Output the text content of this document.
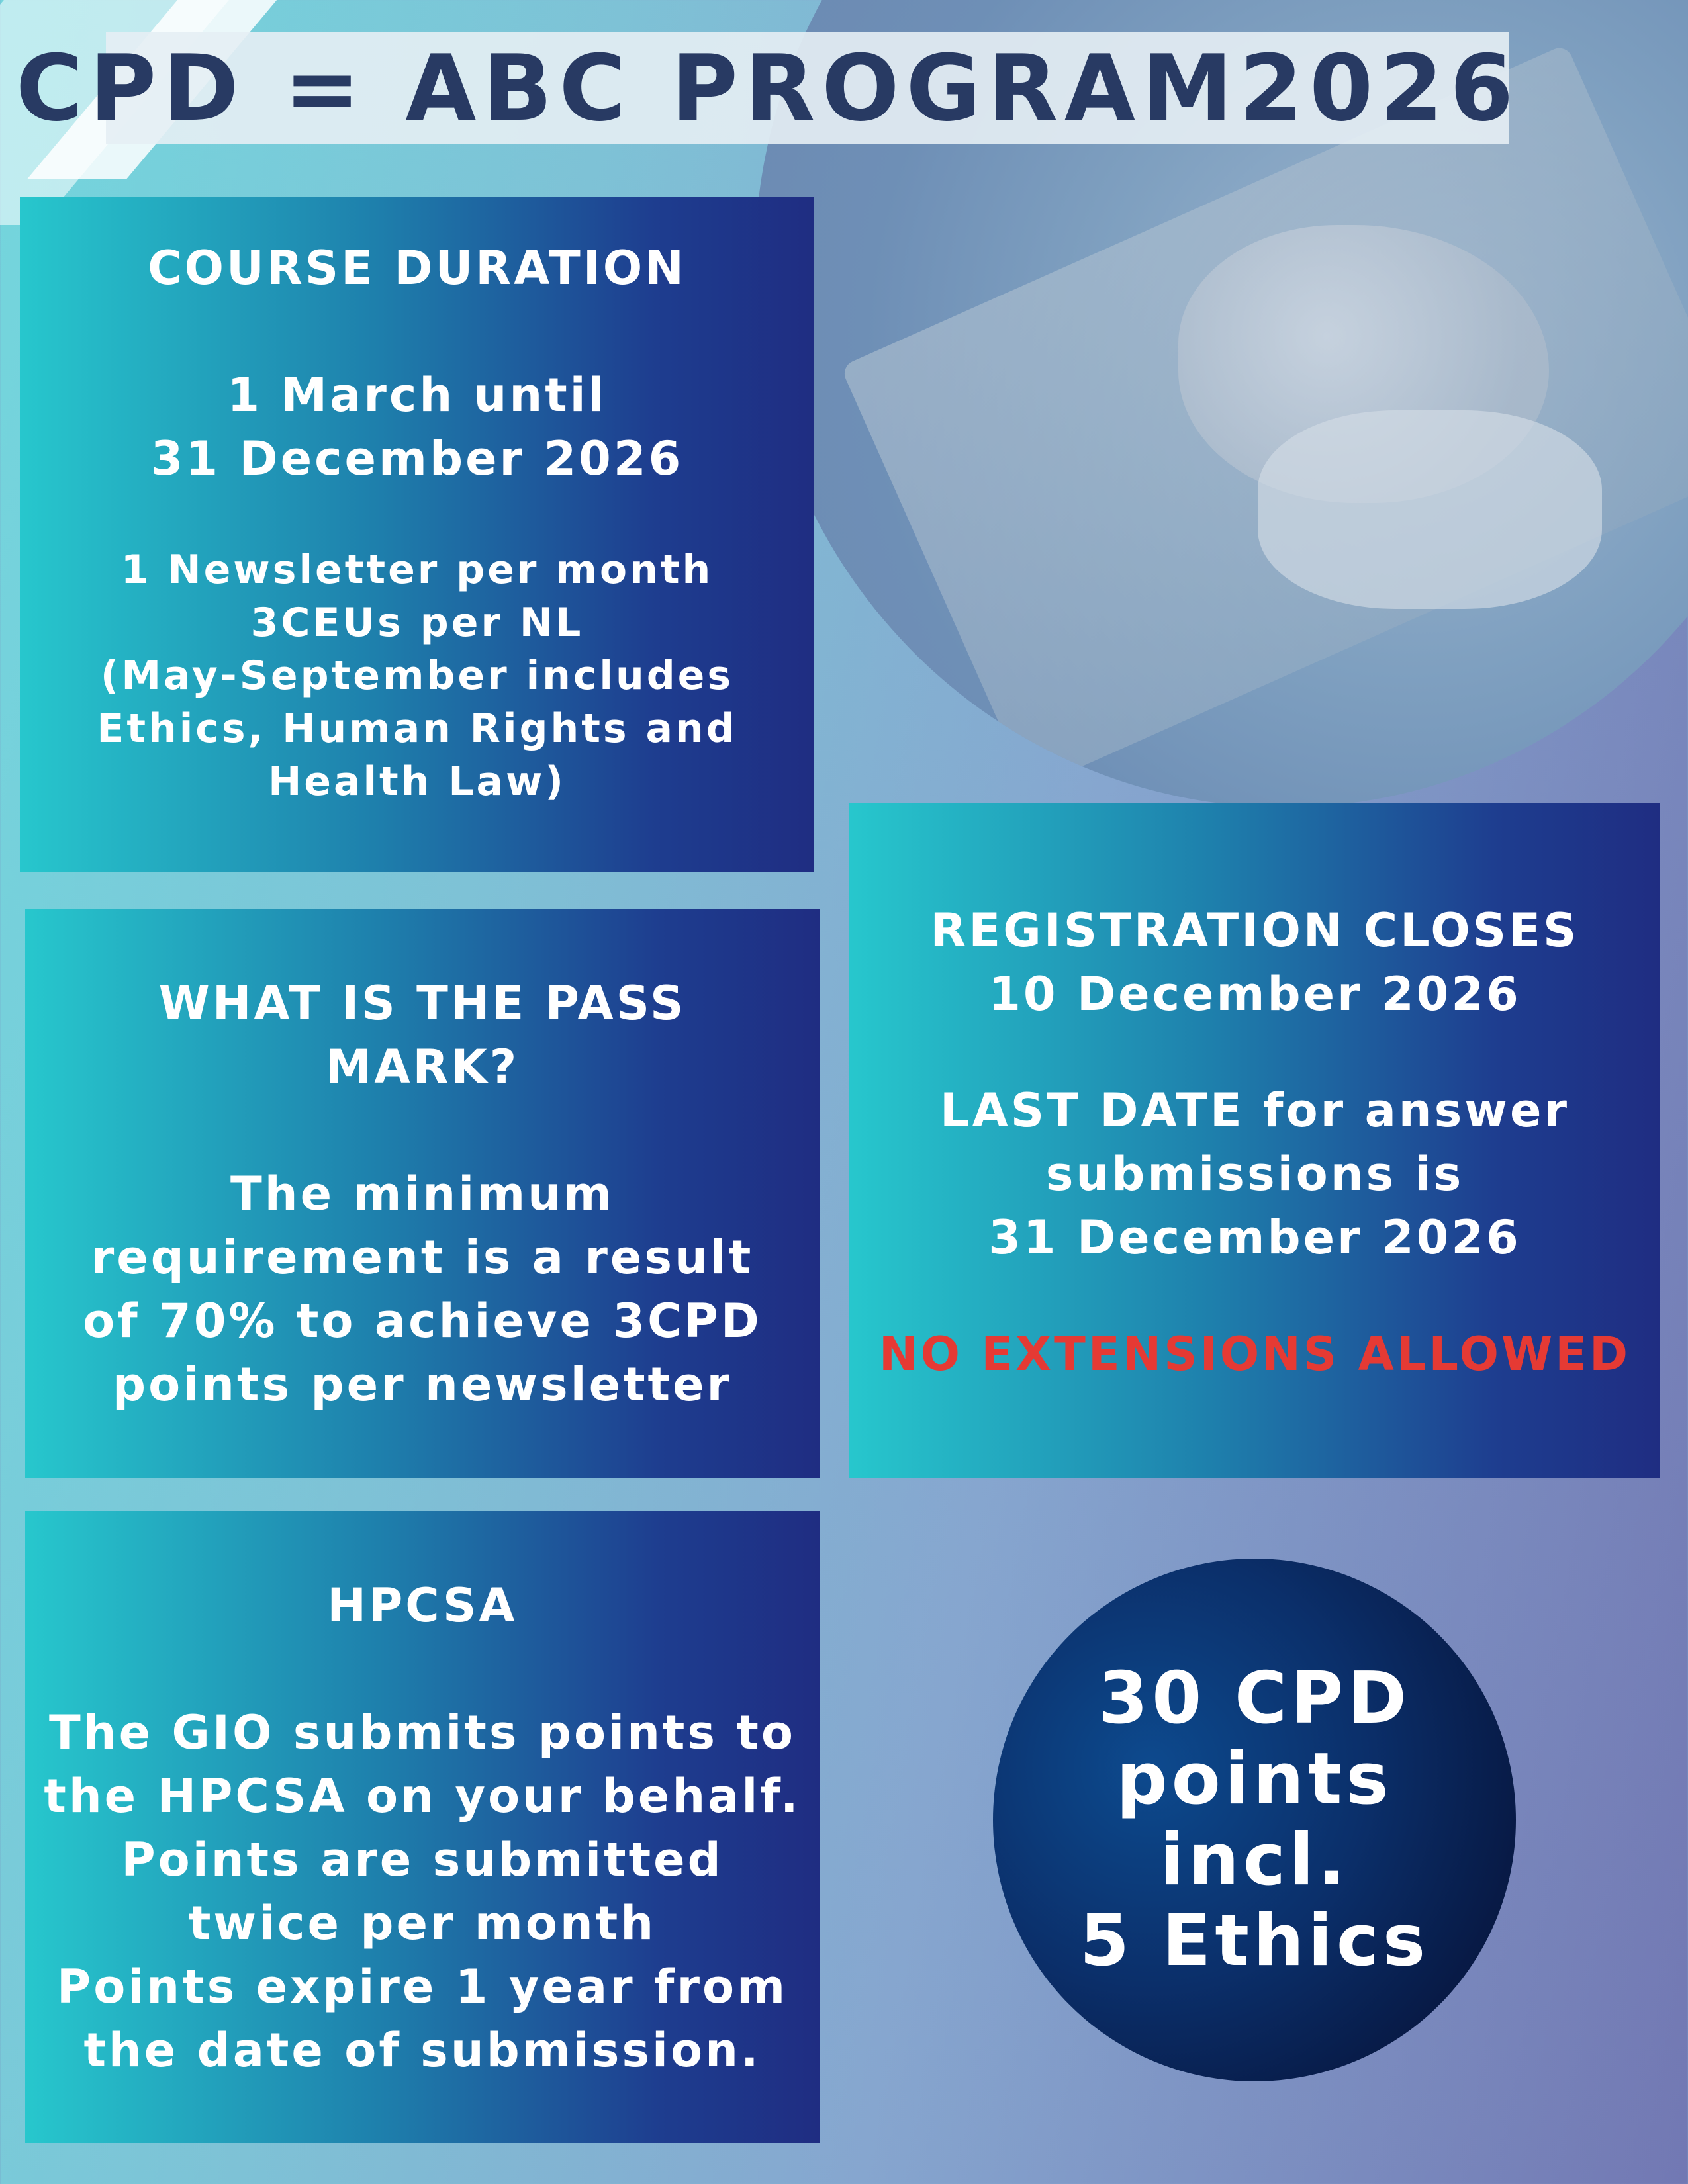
CPD = ABC PROGRAM2026
COURSE DURATION
1 March until
31 December 2026
1 Newsletter per month
3CEUs per NL
(May-September includes
Ethics, Human Rights and
Health Law)
WHAT IS THE PASS
MARK?
The minimum
requirement is a result
of 70% to achieve 3CPD
points per newsletter
HPCSA
The GIO submits points to
the HPCSA on your behalf.
Points are submitted
twice per month
Points expire 1 year from
the date of submission.
REGISTRATION CLOSES
10 December 2026
LAST DATE for answer
submissions is
31 December 2026
NO EXTENSIONS ALLOWED
30 CPD
points
incl.
5 Ethics
